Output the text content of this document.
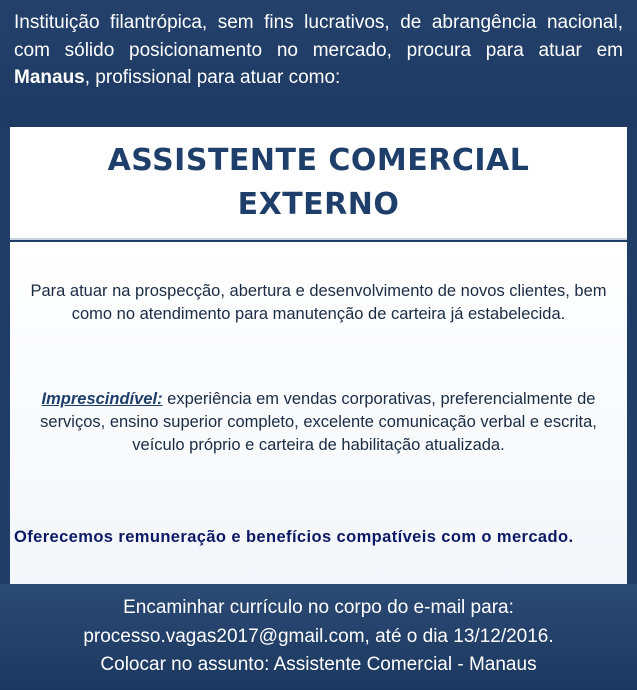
Instituição filantrópica, sem fins lucrativos, de abrangência nacional, com sólido posicionamento no mercado, procura para atuar em Manaus, profissional para atuar como:
ASSISTENTE COMERCIAL
EXTERNO

Para atuar na prospecção, abertura e desenvolvimento de novos clientes, bem como no atendimento para manutenção de carteira já estabelecida.

Imprescindível: experiência em vendas corporativas, preferencialmente de serviços, ensino superior completo, excelente comunicação verbal e escrita, veículo próprio e carteira de habilitação atualizada.

Oferecemos remuneração e benefícios compatíveis com o mercado.

Encaminhar currículo no corpo do e-mail para:
processo.vagas2017@gmail.com, até o dia 13/12/2016.
Colocar no assunto: Assistente Comercial - Manaus
